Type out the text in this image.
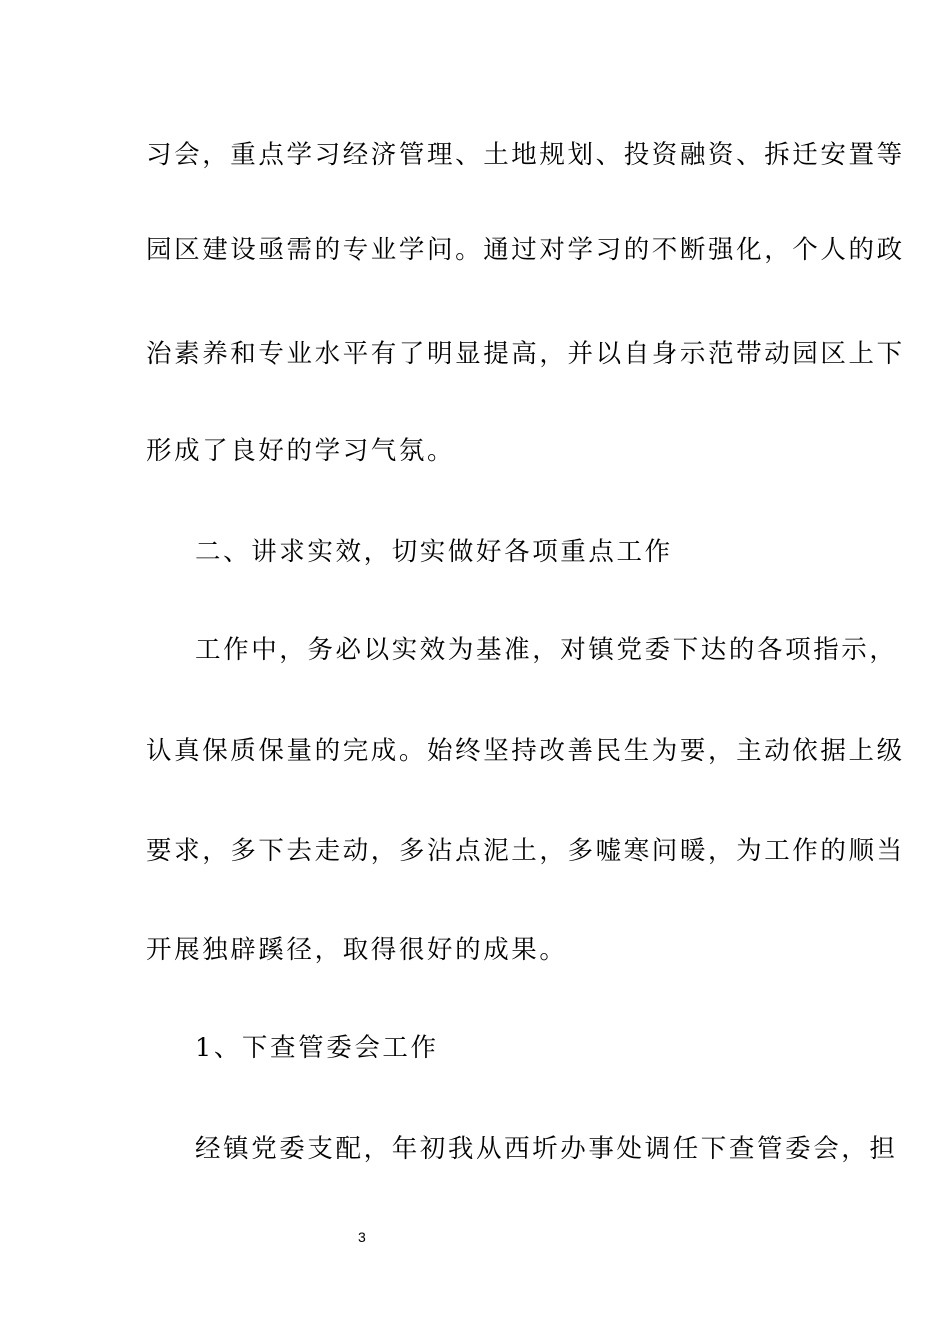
习会，重点学习经济管理、土地规划、投资融资、拆迁安置等
园区建设亟需的专业学问。通过对学习的不断强化，个人的政
治素养和专业水平有了明显提高，并以自身示范带动园区上下
形成了良好的学习气氛。
二、讲求实效，切实做好各项重点工作
工作中，务必以实效为基准，对镇党委下达的各项指示，
认真保质保量的完成。始终坚持改善民生为要，主动依据上级
要求，多下去走动，多沾点泥土，多嘘寒问暖，为工作的顺当
开展独辟蹊径，取得很好的成果。
1、下查管委会工作
经镇党委支配，年初我从西圻办事处调任下查管委会，担
3
